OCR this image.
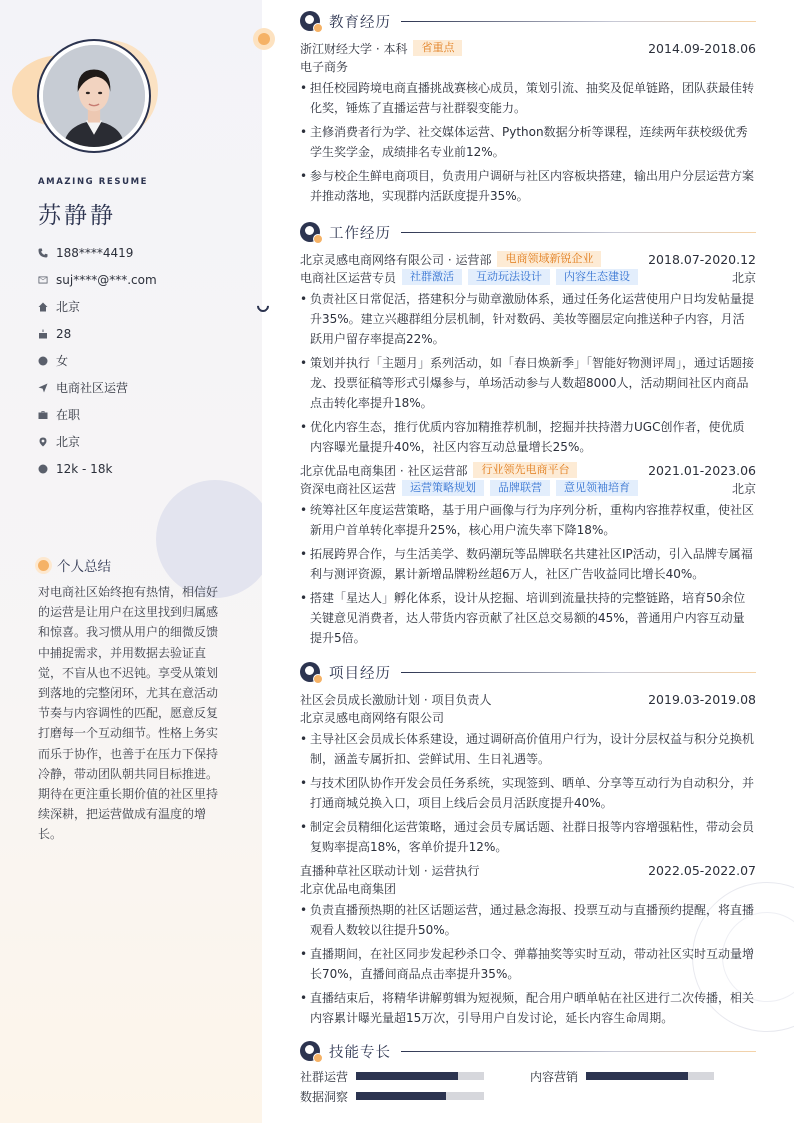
AMAZING RESUME
苏静静
188****4419
suj****@***.com
北京
28
女
电商社区运营
在职
北京
12k - 18k
个人总结

对电商社区始终抱有热情，相信好的运营是让用户在这里找到归属感和惊喜。我习惯从用户的细微反馈中捕捉需求，并用数据去验证直觉，不盲从也不迟钝。享受从策划到落地的完整闭环，尤其在意活动节奏与内容调性的匹配，愿意反复打磨每一个互动细节。性格上务实而乐于协作，也善于在压力下保持冷静，带动团队朝共同目标推进。期待在更注重长期价值的社区里持续深耕，把运营做成有温度的增长。

教育经历
浙江财经大学 · 本科	省重点	2014.09-2018.06
电子商务
• 担任校园跨境电商直播挑战赛核心成员，策划引流、抽奖及促单链路，团队获最佳转化奖，锤炼了直播运营与社群裂变能力。
• 主修消费者行为学、社交媒体运营、Python数据分析等课程，连续两年获校级优秀学生奖学金，成绩排名专业前12%。
• 参与校企生鲜电商项目，负责用户调研与社区内容板块搭建，输出用户分层运营方案并推动落地，实现群内活跃度提升35%。
工作经历
北京灵感电商网络有限公司 · 运营部	电商领域新锐企业	2018.07-2020.12
电商社区运营专员	社群激活	互动玩法设计	内容生态建设	北京
• 负责社区日常促活，搭建积分与勋章激励体系，通过任务化运营使用户日均发帖量提升35%。建立兴趣群组分层机制，针对数码、美妆等圈层定向推送种子内容，月活跃用户留存率提高22%。
• 策划并执行「主题月」系列活动，如「春日焕新季」「智能好物测评周」，通过话题接龙、投票征稿等形式引爆参与，单场活动参与人数超8000人，活动期间社区内商品点击转化率提升18%。
• 优化内容生态，推行优质内容加精推荐机制，挖掘并扶持潜力UGC创作者，使优质内容曝光量提升40%，社区内容互动总量增长25%。
北京优品电商集团 · 社区运营部	行业领先电商平台	2021.01-2023.06
资深电商社区运营	运营策略规划	品牌联营	意见领袖培育	北京
• 统筹社区年度运营策略，基于用户画像与行为序列分析，重构内容推荐权重，使社区新用户首单转化率提升25%，核心用户流失率下降18%。
• 拓展跨界合作，与生活美学、数码潮玩等品牌联名共建社区IP活动，引入品牌专属福利与测评资源，累计新增品牌粉丝超6万人，社区广告收益同比增长40%。
• 搭建「星达人」孵化体系，设计从挖掘、培训到流量扶持的完整链路，培育50余位关键意见消费者，达人带货内容贡献了社区总交易额的45%，普通用户内容互动量提升5倍。
项目经历
社区会员成长激励计划 · 项目负责人	2019.03-2019.08
北京灵感电商网络有限公司
• 主导社区会员成长体系建设，通过调研高价值用户行为，设计分层权益与积分兑换机制，涵盖专属折扣、尝鲜试用、生日礼遇等。
• 与技术团队协作开发会员任务系统，实现签到、晒单、分享等互动行为自动积分，并打通商城兑换入口，项目上线后会员月活跃度提升40%。
• 制定会员精细化运营策略，通过会员专属话题、社群日报等内容增强粘性，带动会员复购率提高18%，客单价提升12%。
直播种草社区联动计划 · 运营执行	2022.05-2022.07
北京优品电商集团
• 负责直播预热期的社区话题运营，通过悬念海报、投票互动与直播预约提醒，将直播观看人数较以往提升50%。
• 直播期间，在社区同步发起秒杀口令、弹幕抽奖等实时互动，带动社区实时互动量增长70%，直播间商品点击率提升35%。
• 直播结束后，将精华讲解剪辑为短视频，配合用户晒单帖在社区进行二次传播，相关内容累计曝光量超15万次，引导用户自发讨论，延长内容生命周期。
技能专长
社群运营	内容营销
数据洞察
